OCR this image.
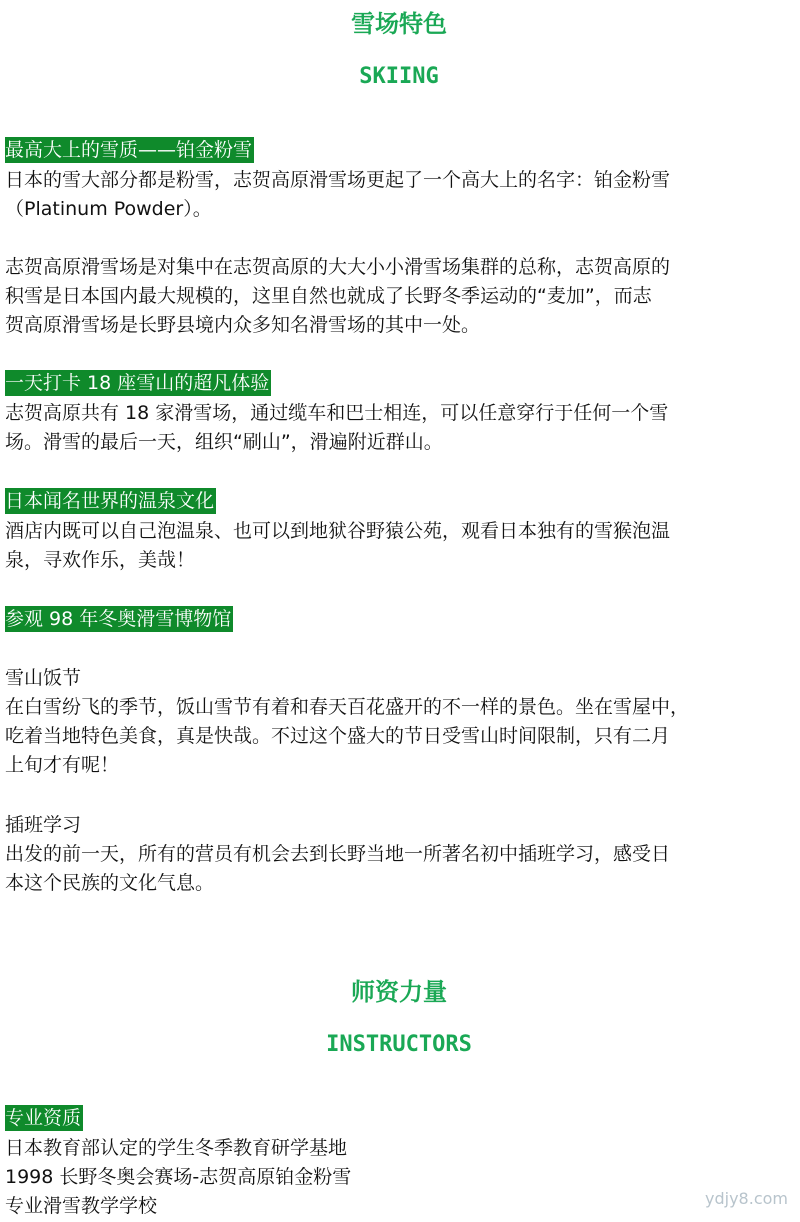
雪场特色
SKIING
最高大上的雪质——铂金粉雪

日本的雪大部分都是粉雪，志贺高原滑雪场更起了一个高大上的名字：铂金粉雪

（Platinum Powder）。

志贺高原滑雪场是对集中在志贺高原的大大小小滑雪场集群的总称，志贺高原的

积雪是日本国内最大规模的，这里自然也就成了长野冬季运动的“麦加”，而志

贺高原滑雪场是长野县境内众多知名滑雪场的其中一处。

一天打卡 18 座雪山的超凡体验

志贺高原共有 18 家滑雪场，通过缆车和巴士相连，可以任意穿行于任何一个雪

场。滑雪的最后一天，组织“刷山”，滑遍附近群山。

日本闻名世界的温泉文化

酒店内既可以自己泡温泉、也可以到地狱谷野猿公苑，观看日本独有的雪猴泡温

泉，寻欢作乐，美哉！

参观 98 年冬奥滑雪博物馆

雪山饭节

在白雪纷飞的季节，饭山雪节有着和春天百花盛开的不一样的景色。坐在雪屋中，

吃着当地特色美食，真是快哉。不过这个盛大的节日受雪山时间限制，只有二月

上旬才有呢！

插班学习

出发的前一天，所有的营员有机会去到长野当地一所著名初中插班学习，感受日

本这个民族的文化气息。

师资力量
INSTRUCTORS
专业资质

日本教育部认定的学生冬季教育研学基地

1998 长野冬奥会赛场-志贺高原铂金粉雪

专业滑雪教学学校	ydjy8.com
